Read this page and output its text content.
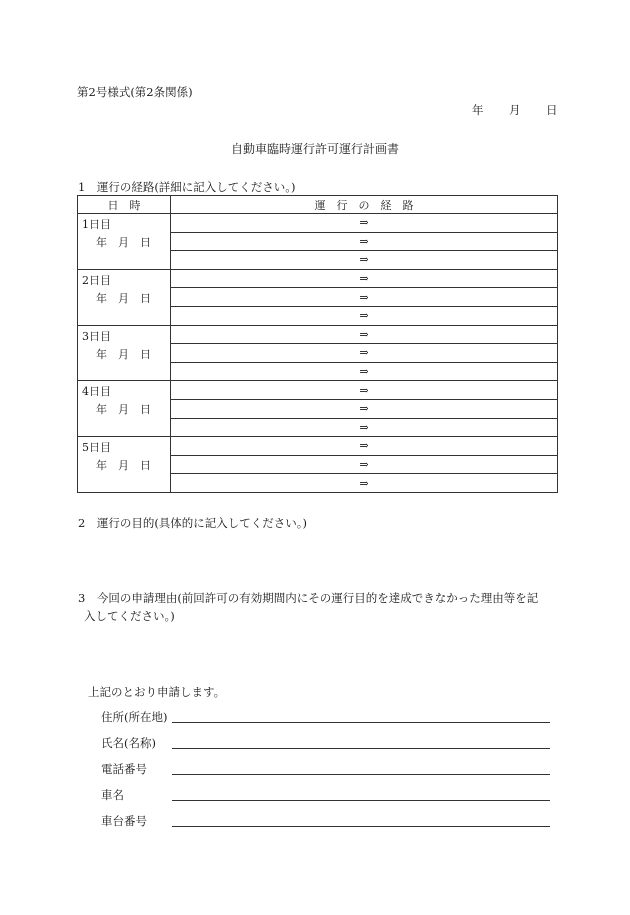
第2号様式(第2条関係)
年 月 日
自動車臨時運行許可運行計画書
1　運行の経路(詳細に記入してください。)
日　時	運　行　の　経　路

1日目
年　月　日	⇒
	⇒
	⇒

2日目
年　月　日	⇒
	⇒
	⇒

3日目
年　月　日	⇒
	⇒
	⇒

4日目
年　月　日	⇒
	⇒
	⇒

5日目
年　月　日	⇒
	⇒
	⇒
2　運行の目的(具体的に記入してください。)
3　今回の申請理由(前回許可の有効期間内にその運行目的を達成できなかった理由等を記
入してください。)
上記のとおり申請します。
住所(所在地)
氏名(名称)
電話番号
車名
車台番号
